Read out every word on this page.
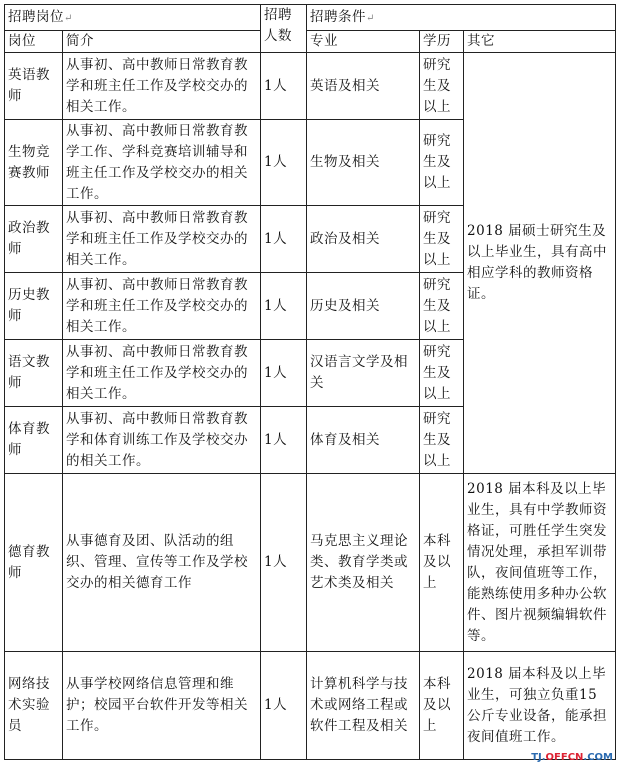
招聘岗位↵		招聘人数	招聘条件↵		
岗位	简介		专业	学历	其它
英语教师	从事初、高中教师日常教育教学和班主任工作及学校交办的相关工作。	1人	英语及相关	研究生及以上	2018 届硕士研究生及以上毕业生，具有高中相应学科的教师资格证。
生物竞赛教师	从事初、高中教师日常教育教学工作、学科竞赛培训辅导和班主任工作及学校交办的相关工作。	1人	生物及相关	研究生及以上	
政治教师	从事初、高中教师日常教育教学和班主任工作及学校交办的相关工作。	1人	政治及相关	研究生及以上	
历史教师	从事初、高中教师日常教育教学和班主任工作及学校交办的相关工作。	1人	历史及相关	研究生及以上	
语文教师	从事初、高中教师日常教育教学和班主任工作及学校交办的相关工作。	1人	汉语言文学及相关	研究生及以上	
体育教师	从事初、高中教师日常教育教学和体育训练工作及学校交办的相关工作。	1人	体育及相关	研究生及以上	
德育教师	从事德育及团、队活动的组织、管理、宣传等工作及学校交办的相关德育工作	1人	马克思主义理论类、教育学类或艺术类及相关	本科及以上	2018 届本科及以上毕业生，具有中学教师资格证，可胜任学生突发情况处理，承担军训带队，夜间值班等工作，能熟练使用多种办公软件、图片视频编辑软件等。
网络技术实验员	从事学校网络信息管理和维护；校园平台软件开发等相关工作。	1人	计算机科学与技术或网络工程或软件工程及相关	本科及以上	2018 届本科及以上毕业生，可独立负重15 公斤专业设备，能承担夜间值班工作。
TJ.OFFCN.COM
